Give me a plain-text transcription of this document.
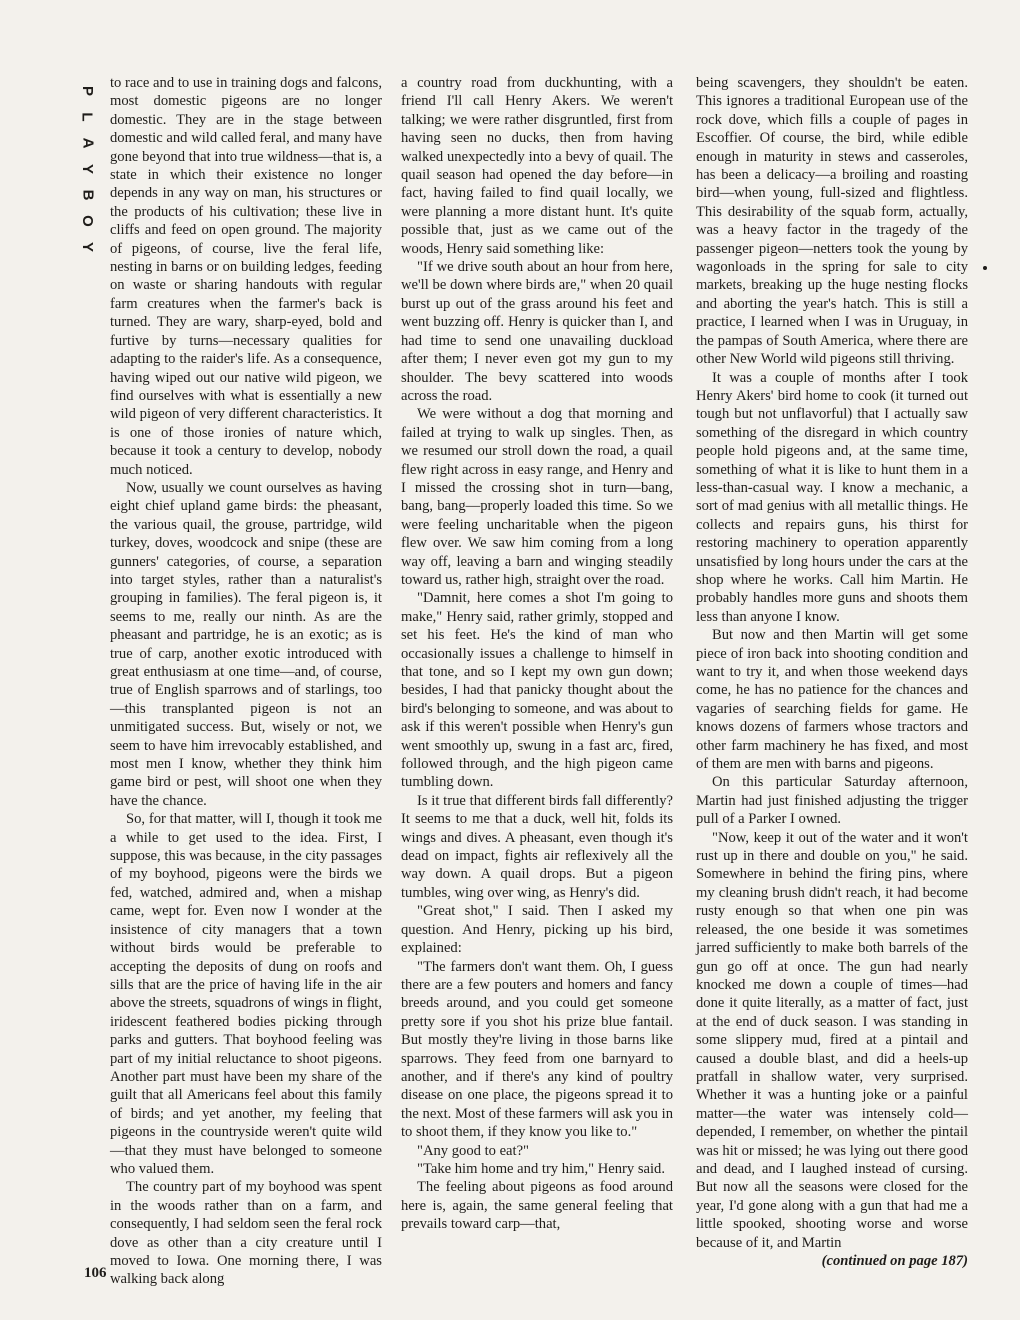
P
L
A
Y
B
O
Y

to race and to use in training dogs and falcons, most domestic pigeons are no longer domestic. They are in the stage between domestic and wild called feral, and many have gone beyond that into true wildness—that is, a state in which their existence no longer depends in any way on man, his structures or the products of his cultivation; these live in cliffs and feed on open ground. The majority of pigeons, of course, live the feral life, nesting in barns or on building ledges, feeding on waste or sharing handouts with regular farm creatures when the farmer's back is turned. They are wary, sharp-eyed, bold and furtive by turns—necessary qualities for adapting to the raider's life. As a consequence, having wiped out our native wild pigeon, we find ourselves with what is essentially a new wild pigeon of very different characteristics. It is one of those ironies of nature which, because it took a century to develop, nobody much noticed.

Now, usually we count ourselves as having eight chief upland game birds: the pheasant, the various quail, the grouse, partridge, wild turkey, doves, woodcock and snipe (these are gunners' categories, of course, a separation into target styles, rather than a naturalist's grouping in families). The feral pigeon is, it seems to me, really our ninth. As are the pheasant and partridge, he is an exotic; as is true of carp, another exotic introduced with great enthusiasm at one time—and, of course, true of English sparrows and of starlings, too—this transplanted pigeon is not an unmitigated success. But, wisely or not, we seem to have him irrevocably established, and most men I know, whether they think him game bird or pest, will shoot one when they have the chance.

So, for that matter, will I, though it took me a while to get used to the idea. First, I suppose, this was because, in the city passages of my boyhood, pigeons were the birds we fed, watched, admired and, when a mishap came, wept for. Even now I wonder at the insistence of city managers that a town without birds would be preferable to accepting the deposits of dung on roofs and sills that are the price of having life in the air above the streets, squadrons of wings in flight, iridescent feathered bodies picking through parks and gutters. That boyhood feeling was part of my initial reluctance to shoot pigeons. Another part must have been my share of the guilt that all Americans feel about this family of birds; and yet another, my feeling that pigeons in the countryside weren't quite wild—that they must have belonged to someone who valued them.

The country part of my boyhood was spent in the woods rather than on a farm, and consequently, I had seldom seen the feral rock dove as other than a city creature until I moved to Iowa. One morning there, I was walking back along

a country road from duckhunting, with a friend I'll call Henry Akers. We weren't talking; we were rather disgruntled, first from having seen no ducks, then from having walked unexpectedly into a bevy of quail. The quail season had opened the day before—in fact, having failed to find quail locally, we were planning a more distant hunt. It's quite possible that, just as we came out of the woods, Henry said something like:

"If we drive south about an hour from here, we'll be down where birds are," when 20 quail burst up out of the grass around his feet and went buzzing off. Henry is quicker than I, and had time to send one unavailing duckload after them; I never even got my gun to my shoulder. The bevy scattered into woods across the road.

We were without a dog that morning and failed at trying to walk up singles. Then, as we resumed our stroll down the road, a quail flew right across in easy range, and Henry and I missed the crossing shot in turn—bang, bang, bang—properly loaded this time. So we were feeling uncharitable when the pigeon flew over. We saw him coming from a long way off, leaving a barn and winging steadily toward us, rather high, straight over the road.

"Damnit, here comes a shot I'm going to make," Henry said, rather grimly, stopped and set his feet. He's the kind of man who occasionally issues a challenge to himself in that tone, and so I kept my own gun down; besides, I had that panicky thought about the bird's belonging to someone, and was about to ask if this weren't possible when Henry's gun went smoothly up, swung in a fast arc, fired, followed through, and the high pigeon came tumbling down.

Is it true that different birds fall differently? It seems to me that a duck, well hit, folds its wings and dives. A pheasant, even though it's dead on impact, fights air reflexively all the way down. A quail drops. But a pigeon tumbles, wing over wing, as Henry's did.

"Great shot," I said. Then I asked my question. And Henry, picking up his bird, explained:

"The farmers don't want them. Oh, I guess there are a few pouters and homers and fancy breeds around, and you could get someone pretty sore if you shot his prize blue fantail. But mostly they're living in those barns like sparrows. They feed from one barnyard to another, and if there's any kind of poultry disease on one place, the pigeons spread it to the next. Most of these farmers will ask you in to shoot them, if they know you like to."

"Any good to eat?"

"Take him home and try him," Henry said.

The feeling about pigeons as food around here is, again, the same general feeling that prevails toward carp—that,

being scavengers, they shouldn't be eaten. This ignores a traditional European use of the rock dove, which fills a couple of pages in Escoffier. Of course, the bird, while edible enough in maturity in stews and casseroles, has been a delicacy—a broiling and roasting bird—when young, full-sized and flightless. This desirability of the squab form, actually, was a heavy factor in the tragedy of the passenger pigeon—netters took the young by wagonloads in the spring for sale to city markets, breaking up the huge nesting flocks and aborting the year's hatch. This is still a practice, I learned when I was in Uruguay, in the pampas of South America, where there are other New World wild pigeons still thriving.

It was a couple of months after I took Henry Akers' bird home to cook (it turned out tough but not unflavorful) that I actually saw something of the disregard in which country people hold pigeons and, at the same time, something of what it is like to hunt them in a less-than-casual way. I know a mechanic, a sort of mad genius with all metallic things. He collects and repairs guns, his thirst for restoring machinery to operation apparently unsatisfied by long hours under the cars at the shop where he works. Call him Martin. He probably handles more guns and shoots them less than anyone I know.

But now and then Martin will get some piece of iron back into shooting condition and want to try it, and when those weekend days come, he has no patience for the chances and vagaries of searching fields for game. He knows dozens of farmers whose tractors and other farm machinery he has fixed, and most of them are men with barns and pigeons.

On this particular Saturday afternoon, Martin had just finished adjusting the trigger pull of a Parker I owned.

"Now, keep it out of the water and it won't rust up in there and double on you," he said. Somewhere in behind the firing pins, where my cleaning brush didn't reach, it had become rusty enough so that when one pin was released, the one beside it was sometimes jarred sufficiently to make both barrels of the gun go off at once. The gun had nearly knocked me down a couple of times—had done it quite literally, as a matter of fact, just at the end of duck season. I was standing in some slippery mud, fired at a pintail and caused a double blast, and did a heels-up pratfall in shallow water, very surprised. Whether it was a hunting joke or a painful matter—the water was intensely cold—depended, I remember, on whether the pintail was hit or missed; he was lying out there good and dead, and I laughed instead of cursing. But now all the seasons were closed for the year, I'd gone along with a gun that had me a little spooked, shooting worse and worse because of it, and Martin

(continued on page 187)

106
